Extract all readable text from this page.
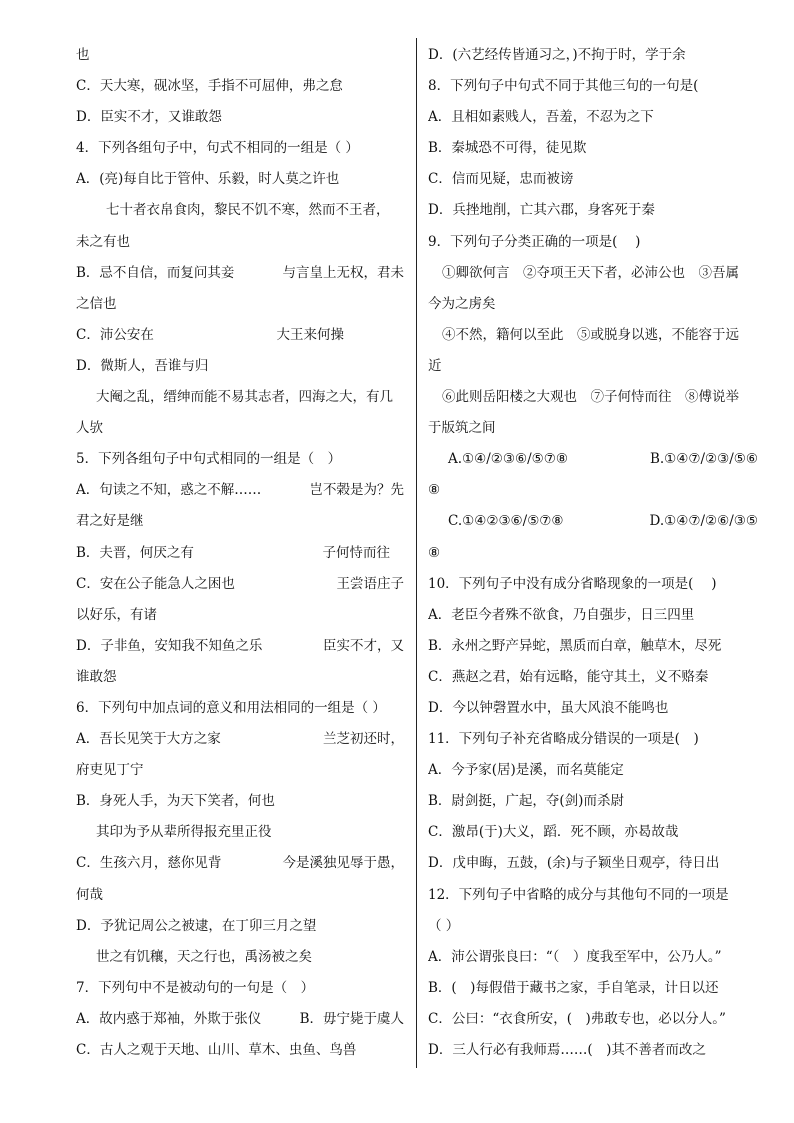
也
C．天大寒，砚冰坚，手指不可屈伸，弗之怠
D．臣实不才，又谁敢怨
4．下列各组句子中，句式不相同的一组是（ ）
A．(亮)每自比于管仲、乐毅，时人莫之许也
七十者衣帛食肉，黎民不饥不寒，然而不王者，
未之有也
B．忌不自信，而复问其妾	与言皇上无权，君未
之信也
C．沛公安在	大王来何操
D．微斯人，吾谁与归
大阉之乱，缙绅而能不易其志者，四海之大，有几
人欤
5．下列各组句子中句式相同的一组是（　）
A．句读之不知，惑之不解……	岂不榖是为？先
君之好是继
B．夫晋，何厌之有	子何恃而往
C．安在公子能急人之困也	王尝语庄子
以好乐，有诸
D．子非鱼，安知我不知鱼之乐	臣实不才，又
谁敢怨
6．下列句中加点词的意义和用法相同的一组是（ ）
A．吾长见笑于大方之家	兰芝初还时，
府吏见丁宁
B．身死人手，为天下笑者，何也
其印为予从辈所得报充里正役
C．生孩六月，慈你见背	今是溪独见辱于愚，
何哉
D．予犹记周公之被逮，在丁卯三月之望
世之有饥穰，天之行也，禹汤被之矣
7．下列句中不是被动句的一句是（　）
A．故内惑于郑袖，外欺于张仪	B．毋宁毙于虞人
C．古人之观于天地、山川、草木、虫鱼、鸟兽
D．(六艺经传皆通习之，)不拘于时，学于余
8．下列句子中句式不同于其他三句的一句是(
A．且相如素贱人，吾羞，不忍为之下
B．秦城恐不可得，徒见欺
C．信而见疑，忠而被谤
D．兵挫地削，亡其六郡，身客死于秦
9．下列句子分类正确的一项是(　 )
①卿欲何言　②夺项王天下者，必沛公也　③吾属
今为之虏矣
④不然，籍何以至此　⑤或脱身以逃，不能容于远
近
⑥此则岳阳楼之大观也　⑦子何恃而往　⑧傅说举
于版筑之间
A.①④/②③⑥/⑤⑦⑧	B.①④⑦/②③/⑤⑥
⑧
C.①④②③⑥/⑤⑦⑧	D.①④⑦/②⑥/③⑤
⑧
10．下列句子中没有成分省略现象的一项是(　 )
A．老臣今者殊不欲食，乃自强步，日三四里
B．永州之野产异蛇，黑质而白章，触草木，尽死
C．燕赵之君，始有远略，能守其土，义不赂秦
D．今以钟磬置水中，虽大风浪不能鸣也
11．下列句子补充省略成分错误的一项是(　)
A．今予家(居)是溪，而名莫能定
B．尉剑挺，广起，夺(剑)而杀尉
C．激昂(于)大义，蹈．死不顾，亦曷故哉
D．戊申晦，五鼓，(余)与子颖坐日观亭，待日出
12．下列句子中省略的成分与其他句不同的一项是
（ ）
A．沛公谓张良曰：“（　）度我至军中，公乃人。”
B．(　)每假借于藏书之家，手自笔录，计日以还
C．公曰：“衣食所安，(　)弗敢专也，必以分人。”
D．三人行必有我师焉……(　)其不善者而改之
